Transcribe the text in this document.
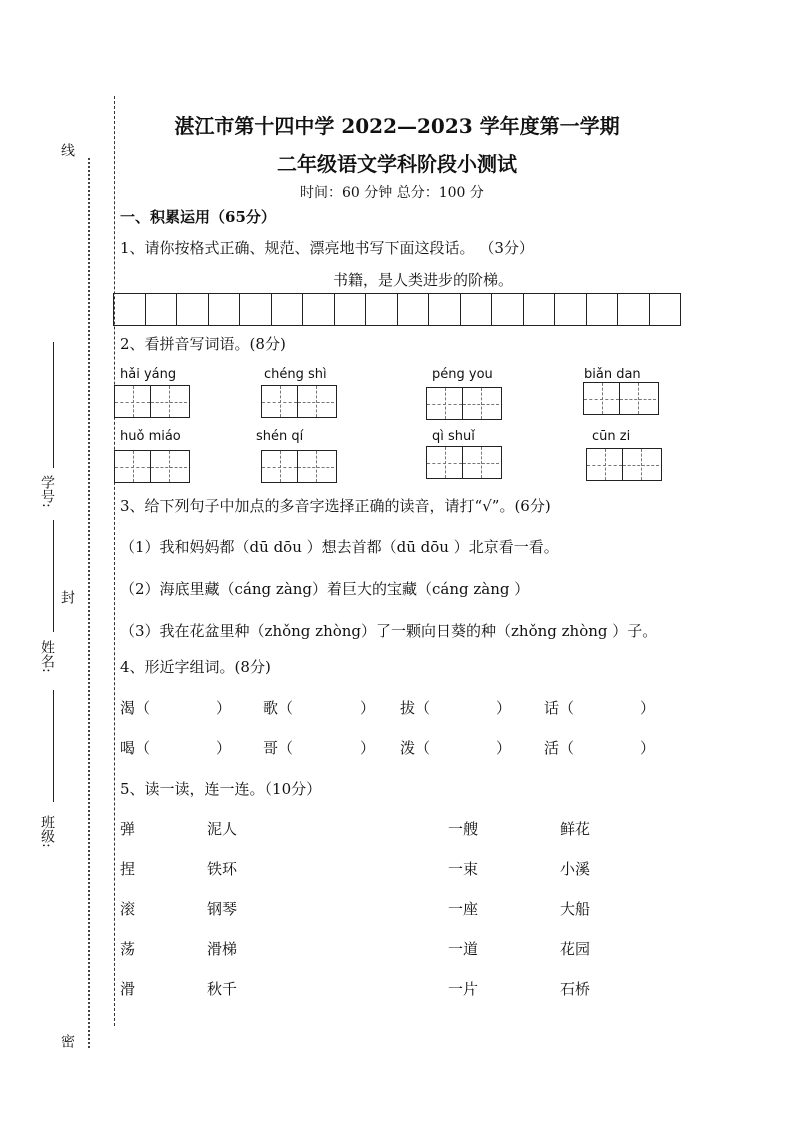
线
封
密
学号:
姓名:
班级:
湛江市第十四中学 2022—2023 学年度第一学期
二年级语文学科阶段小测试
时间：60 分钟 总分：100 分
一、积累运用（65分）
1、请你按格式正确、规范、漂亮地书写下面这段话。 （3分）
书籍，是人类进步的阶梯。
2、看拼音写词语。(8分)
hǎi yáng	chéng shì	péng you	biǎn dan
huǒ miáo	shén qí	qì shuǐ	cūn zi
3、给下列句子中加点的多音字选择正确的读音，请打“√”。(6分)
（1）我和妈妈都（dū dōu ）想去首都（dū dōu ）北京看一看。
（2）海底里藏（cáng zàng）着巨大的宝藏（cáng zàng ）
（3）我在花盆里种（zhǒng zhòng）了一颗向日葵的种（zhǒng zhòng ）子。
4、形近字组词。(8分)
渴（	） 歌（	） 拔（	） 话（	）
喝（	） 哥（	） 泼（	） 活（	）
5、读一读，连一连。（10分）
弹	泥人	一艘	鲜花
捏	铁环	一束	小溪
滚	钢琴	一座	大船
荡	滑梯	一道	花园
滑	秋千	一片	石桥
